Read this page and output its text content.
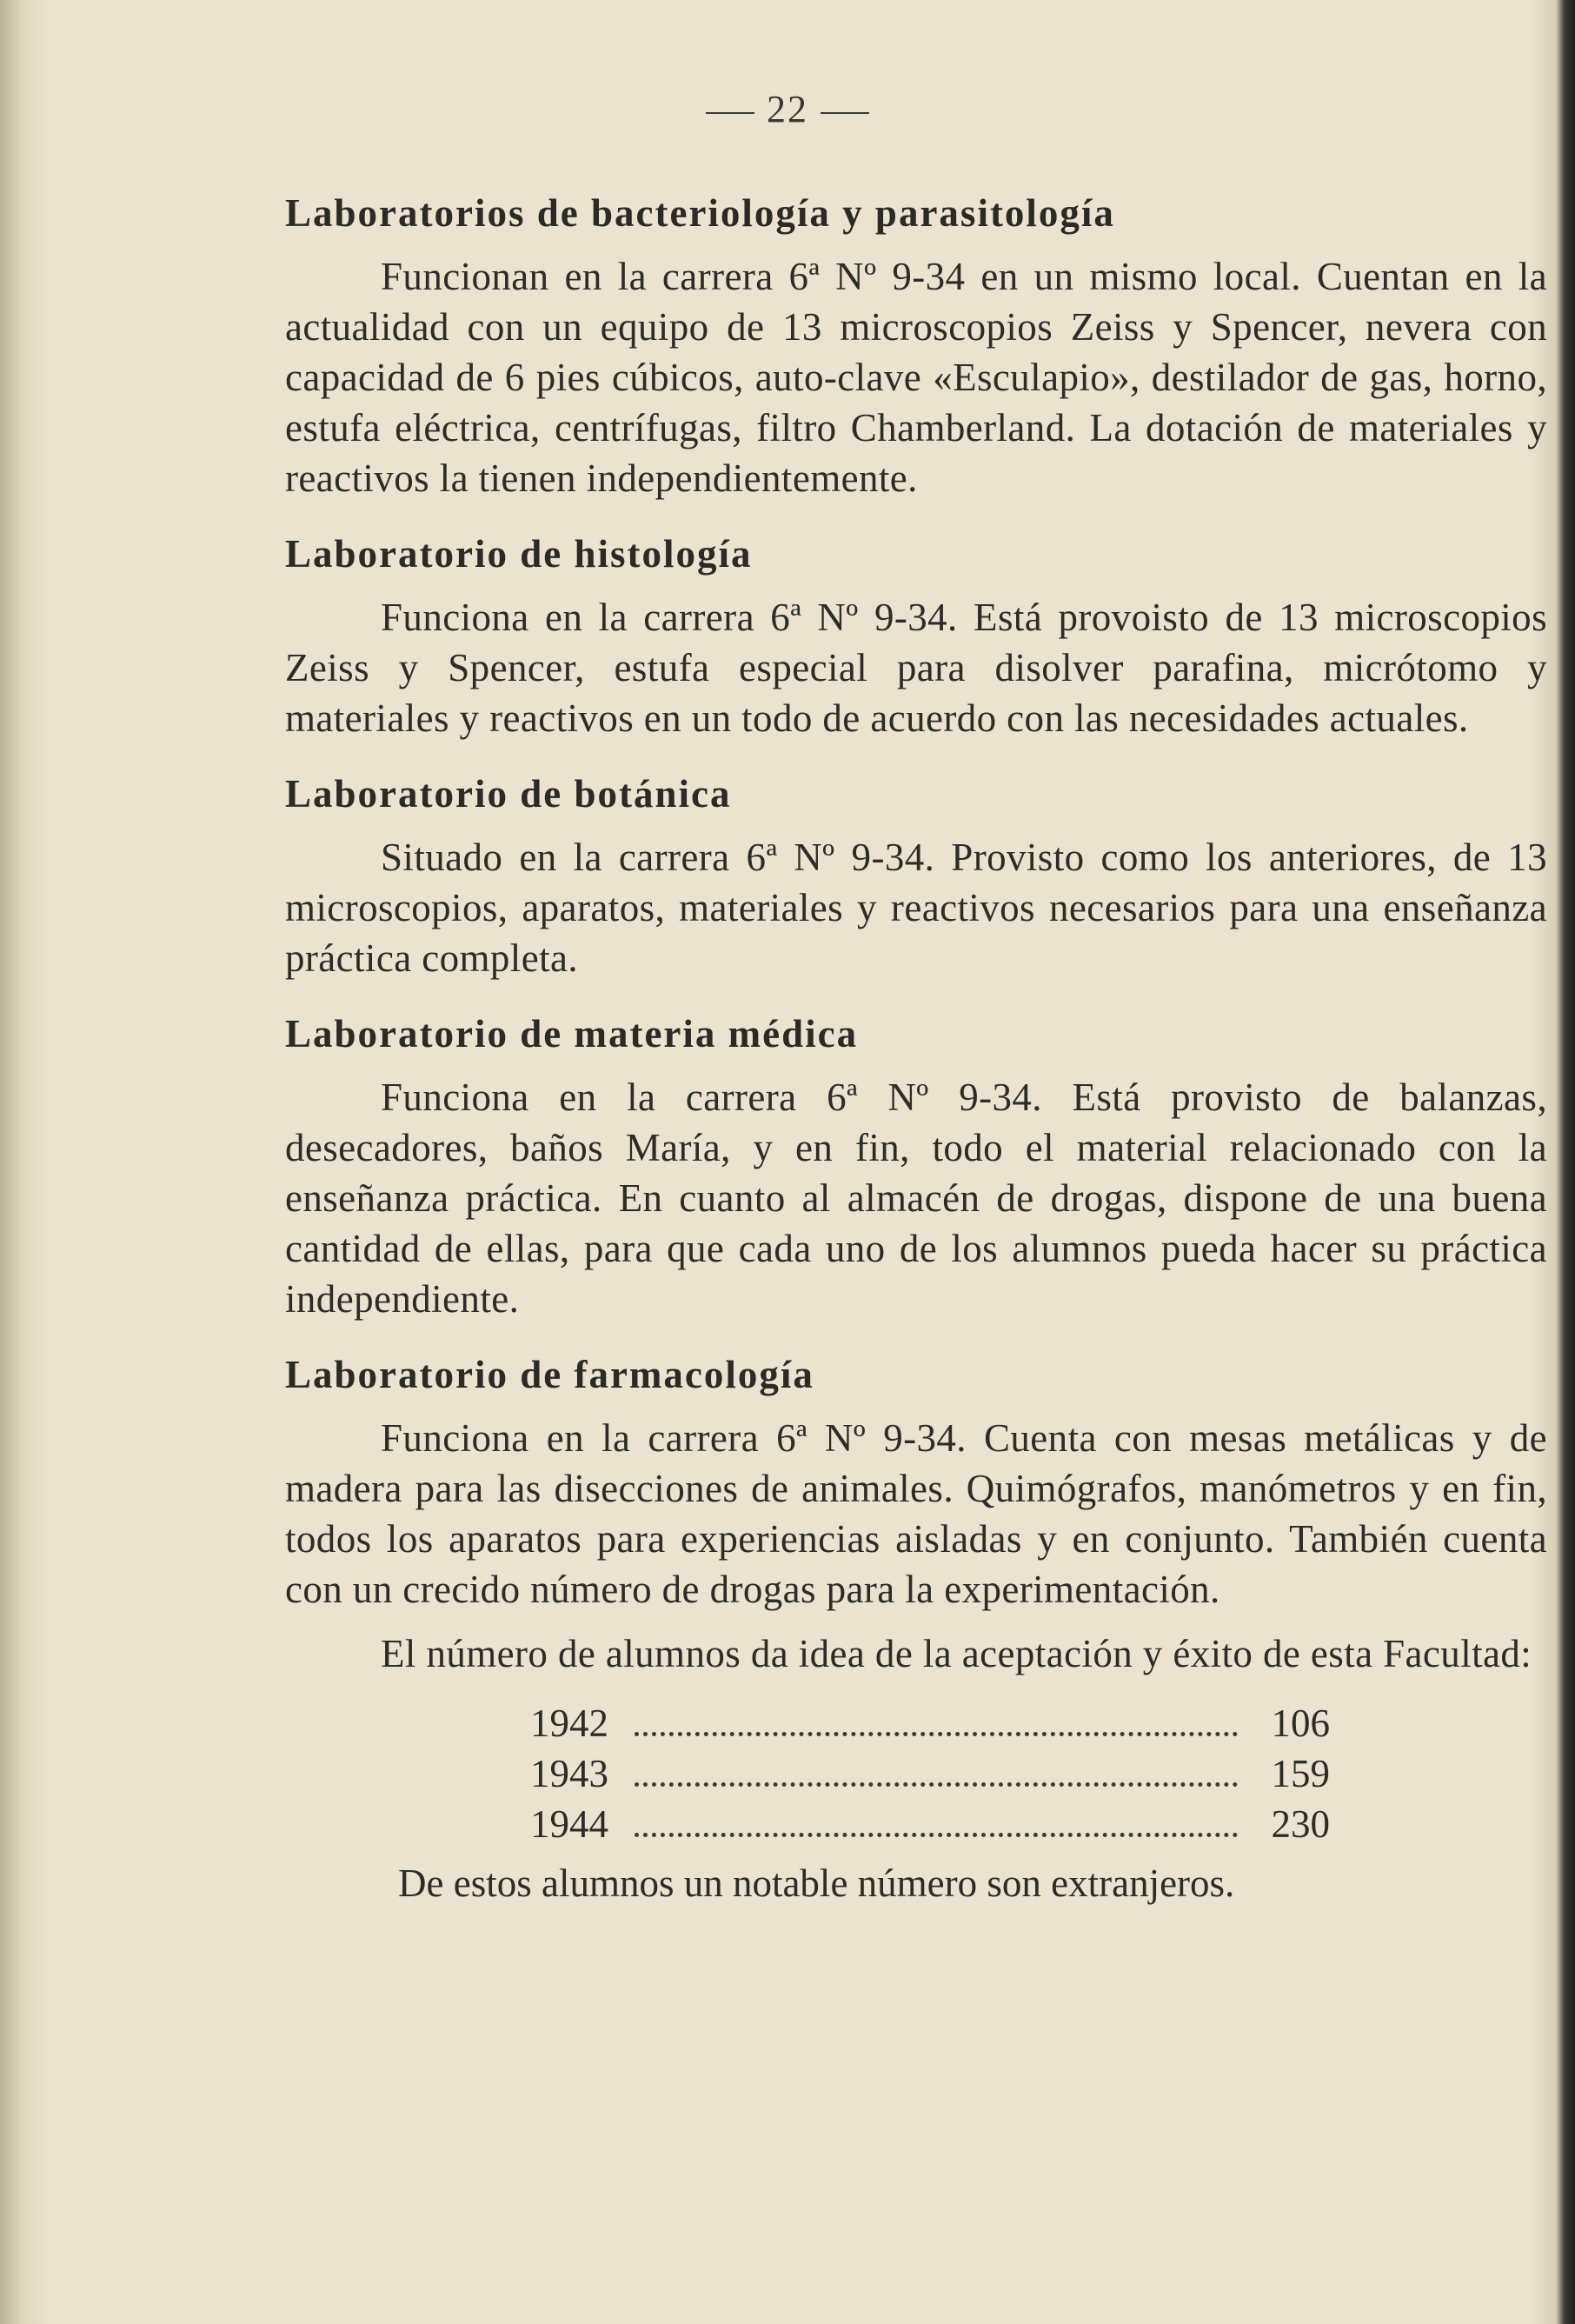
22
Laboratorios de bacteriología y parasitología

Funcionan en la carrera 6ª Nº 9-34 en un mismo local. Cuentan en la actualidad con un equipo de 13 microscopios Zeiss y Spencer, nevera con capacidad de 6 pies cúbicos, auto-clave «Esculapio», destilador de gas, horno, estufa eléctrica, centrífugas, filtro Chamberland. La dotación de materiales y reactivos la tienen independientemente.

Laboratorio de histología

Funciona en la carrera 6ª Nº 9-34. Está provoisto de 13 microscopios Zeiss y Spencer, estufa especial para disolver parafina, micrótomo y materiales y reactivos en un todo de acuerdo con las necesidades actuales.

Laboratorio de botánica

Situado en la carrera 6ª Nº 9-34. Provisto como los anteriores, de 13 microscopios, aparatos, materiales y reactivos necesarios para una enseñanza práctica completa.

Laboratorio de materia médica

Funciona en la carrera 6ª Nº 9-34. Está provisto de balanzas, desecadores, baños María, y en fin, todo el material relacionado con la enseñanza práctica. En cuanto al almacén de drogas, dispone de una buena cantidad de ellas, para que cada uno de los alumnos pueda hacer su práctica independiente.

Laboratorio de farmacología

Funciona en la carrera 6ª Nº 9-34. Cuenta con mesas metálicas y de madera para las disecciones de animales. Quimógrafos, manómetros y en fin, todos los aparatos para experiencias aisladas y en conjunto. También cuenta con un crecido número de drogas para la experimentación.

El número de alumnos da idea de la aceptación y éxito de esta Facultad:

1942	106
1943	159
1944	230

De estos alumnos un notable número son extranjeros.
